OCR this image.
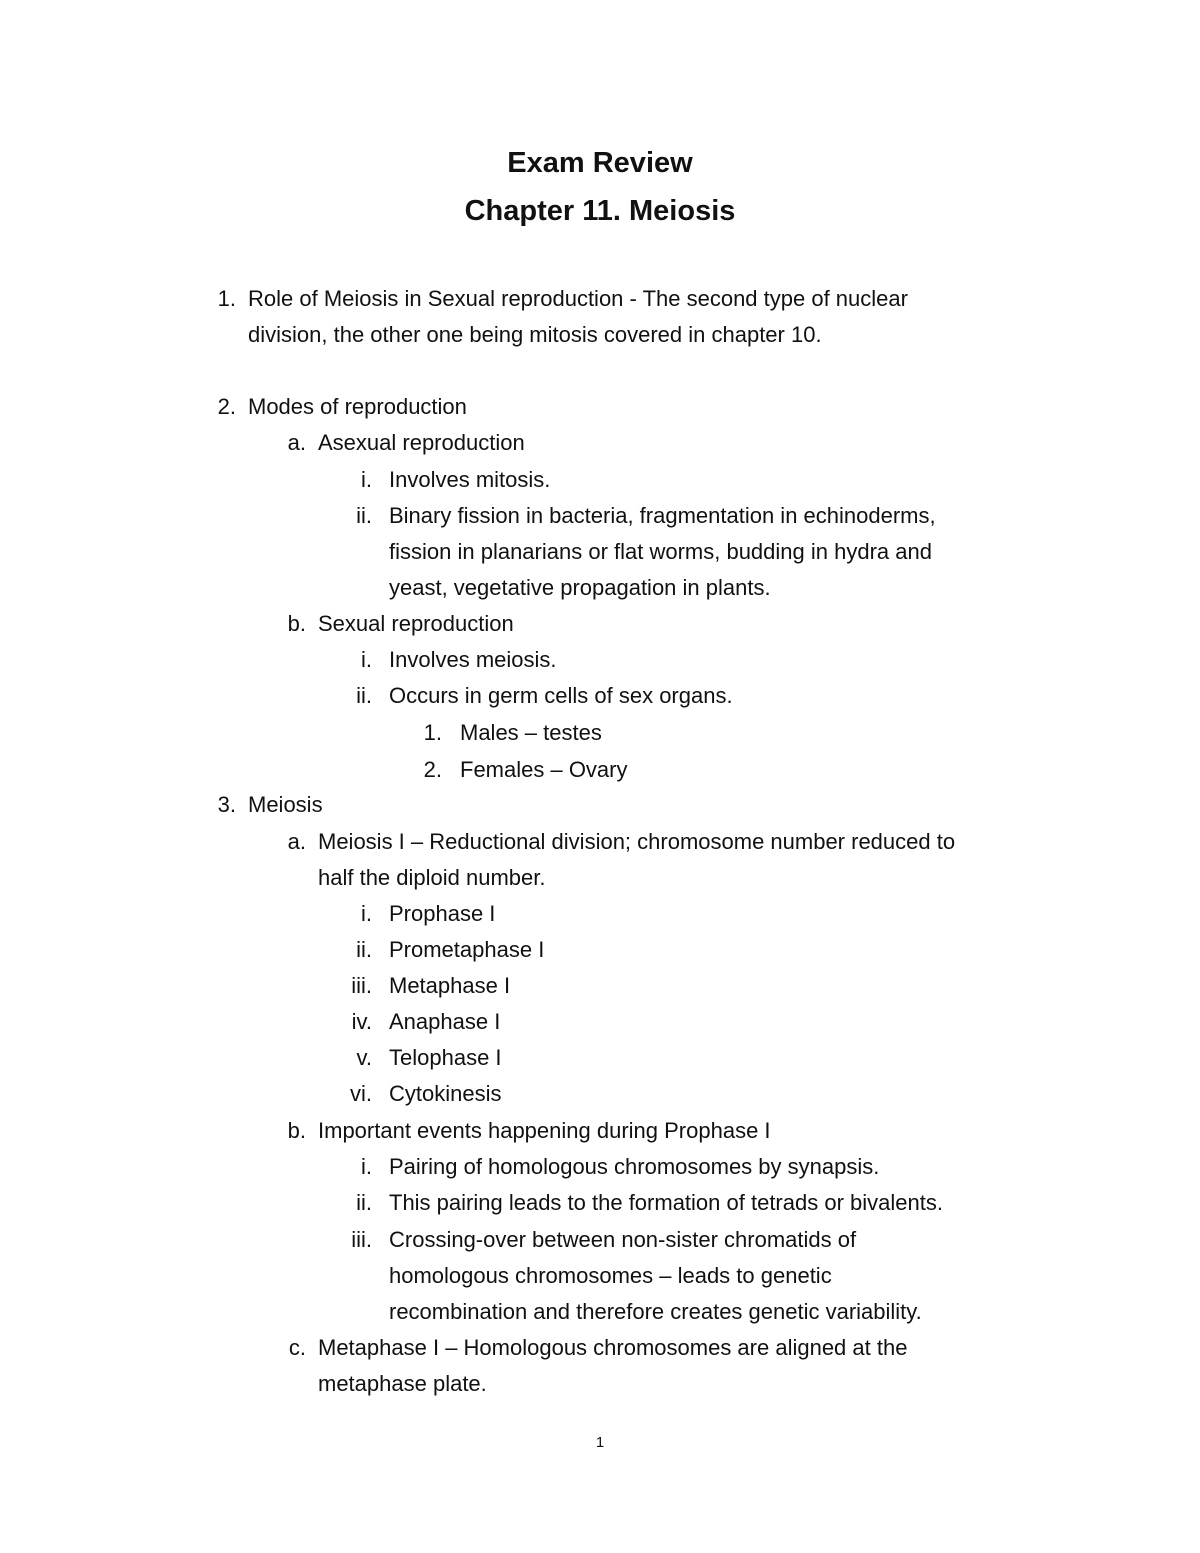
Exam Review
Chapter 11. Meiosis
1. Role of Meiosis in Sexual reproduction - The second type of nuclear
division, the other one being mitosis covered in chapter 10.
2. Modes of reproduction
a. Asexual reproduction
i. Involves mitosis.
ii. Binary fission in bacteria, fragmentation in echinoderms,
fission in planarians or flat worms, budding in hydra and
yeast, vegetative propagation in plants.
b. Sexual reproduction
i. Involves meiosis.
ii. Occurs in germ cells of sex organs.
1. Males – testes
2. Females – Ovary
3. Meiosis
a. Meiosis I – Reductional division; chromosome number reduced to
half the diploid number.
i. Prophase I
ii. Prometaphase I
iii. Metaphase I
iv. Anaphase I
v. Telophase I
vi. Cytokinesis
b. Important events happening during Prophase I
i. Pairing of homologous chromosomes by synapsis.
ii. This pairing leads to the formation of tetrads or bivalents.
iii. Crossing-over between non-sister chromatids of
homologous chromosomes – leads to genetic
recombination and therefore creates genetic variability.
c. Metaphase I – Homologous chromosomes are aligned at the
metaphase plate.
1
